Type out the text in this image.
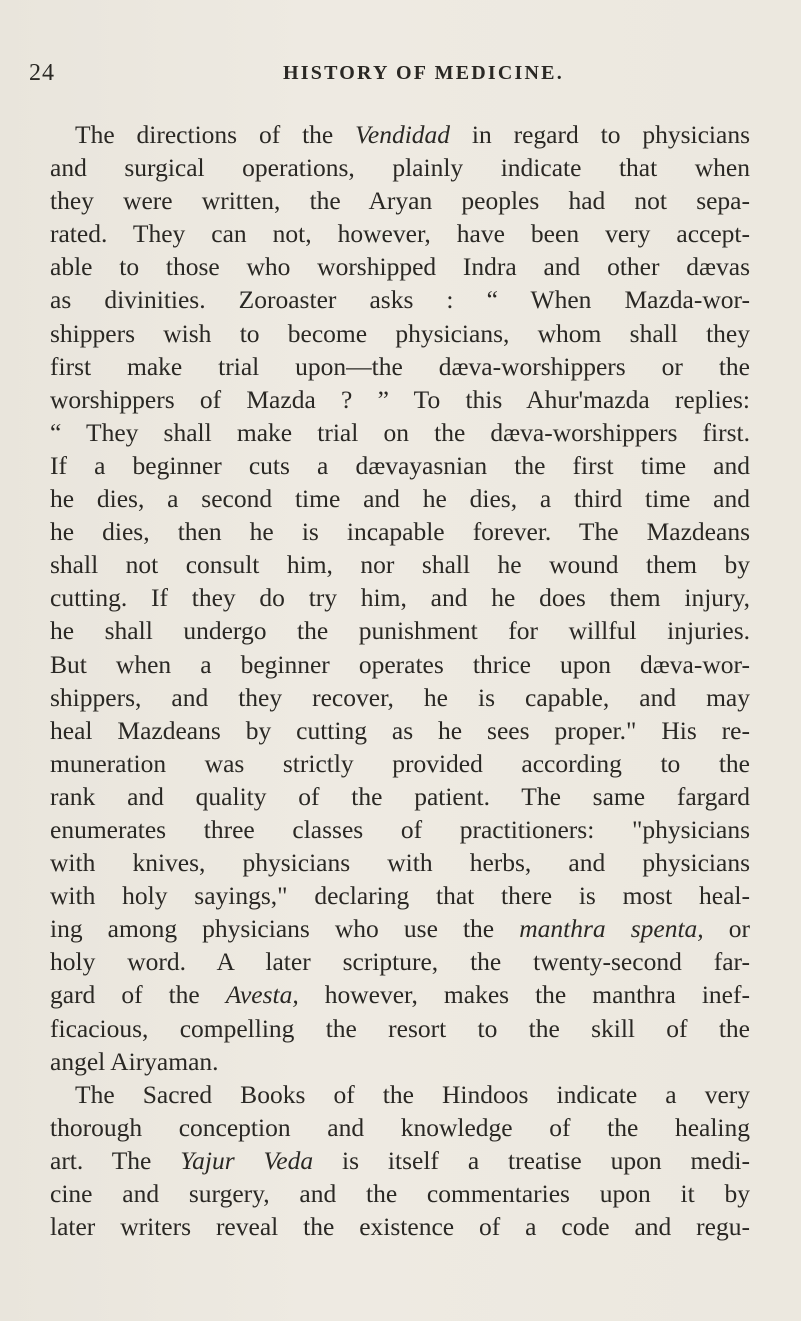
24	HISTORY OF MEDICINE.
The directions of the Vendidad in regard to physicians
and surgical operations, plainly indicate that when
they were written, the Aryan peoples had not sepa-
rated. They can not, however, have been very accept-
able to those who worshipped Indra and other dævas
as divinities. Zoroaster asks : “ When Mazda-wor-
shippers wish to become physicians, whom shall they
first make trial upon—the dæva-worshippers or the
worshippers of Mazda ? ” To this Ahur'mazda replies:
“ They shall make trial on the dæva-worshippers first.
If a beginner cuts a dævayasnian the first time and
he dies, a second time and he dies, a third time and
he dies, then he is incapable forever. The Mazdeans
shall not consult him, nor shall he wound them by
cutting. If they do try him, and he does them injury,
he shall undergo the punishment for willful injuries.
But when a beginner operates thrice upon dæva-wor-
shippers, and they recover, he is capable, and may
heal Mazdeans by cutting as he sees proper." His re-
muneration was strictly provided according to the
rank and quality of the patient. The same fargard
enumerates three classes of practitioners: "physicians
with knives, physicians with herbs, and physicians
with holy sayings," declaring that there is most heal-
ing among physicians who use the manthra spenta, or
holy word. A later scripture, the twenty-second far-
gard of the Avesta, however, makes the manthra inef-
ficacious, compelling the resort to the skill of the
angel Airyaman.
The Sacred Books of the Hindoos indicate a very
thorough conception and knowledge of the healing
art. The Yajur Veda is itself a treatise upon medi-
cine and surgery, and the commentaries upon it by
later writers reveal the existence of a code and regu-
